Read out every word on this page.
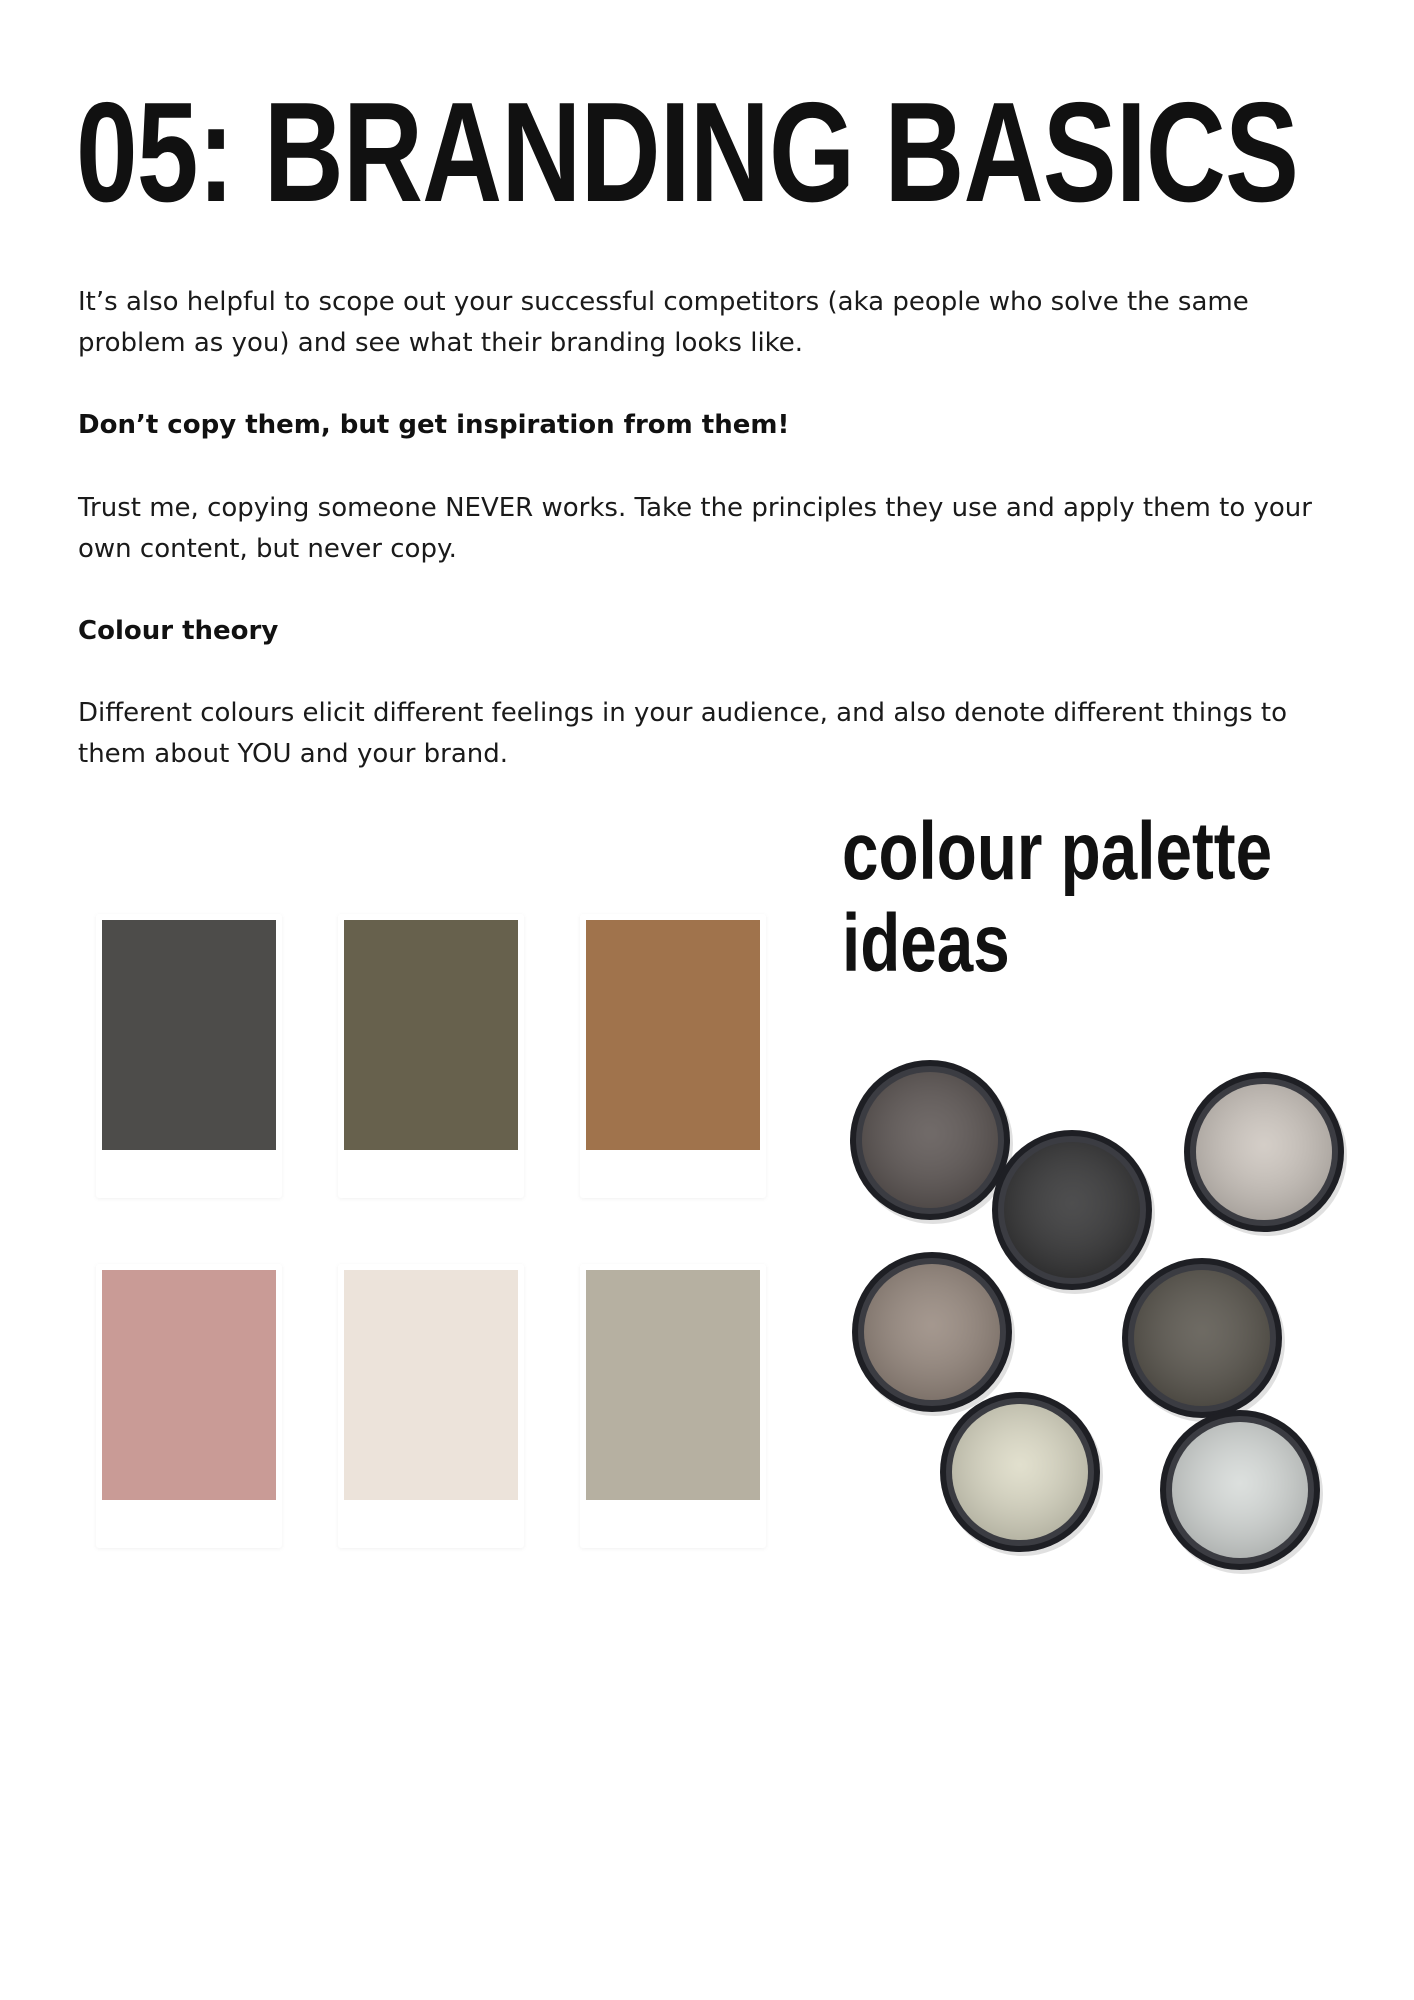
05: BRANDING BASICS

It’s also helpful to scope out your successful competitors (aka people who solve the same problem as you) and see what their branding looks like.

Don’t copy them, but get inspiration from them!

Trust me, copying someone NEVER works. Take the principles they use and apply them to your own content, but never copy.

Colour theory

Different colours elicit different feelings in your audience, and also denote different things to them about YOU and your brand.

colour palette
ideas
